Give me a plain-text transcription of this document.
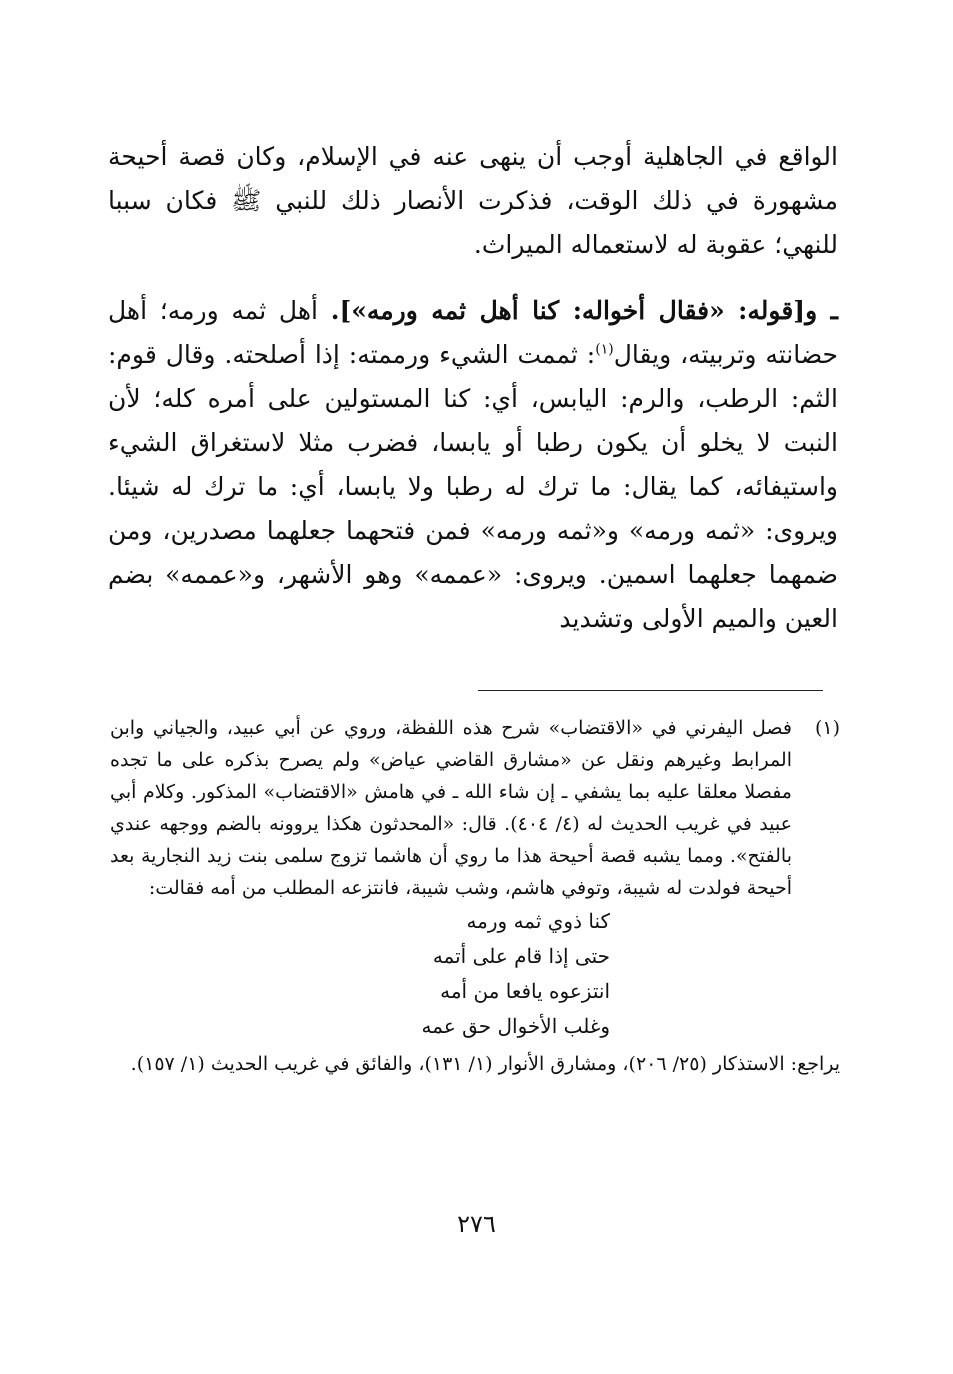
الواقع في الجاهلية أوجب أن ينهى عنه في الإسلام، وكان قصة أحيحة مشهورة في ذلك الوقت، فذكرت الأنصار ذلك للنبي ﷺ فكان سببا للنهي؛ عقوبة له لاستعماله الميراث.

ـ و[قوله: «فقال أخواله: كنا أهل ثمه ورمه»]. أهل ثمه ورمه؛ أهل حضانته وتربيته، ويقال$^{(١)}$: ثممت الشيء ورممته: إذا أصلحته. وقال قوم: الثم: الرطب، والرم: اليابس، أي: كنا المستولين على أمره كله؛ لأن النبت لا يخلو أن يكون رطبا أو يابسا، فضرب مثلا لاستغراق الشيء واستيفائه، كما يقال: ما ترك له رطبا ولا يابسا، أي: ما ترك له شيئا. ويروى: «ثمه ورمه» و«ثمه ورمه» فمن فتحهما جعلهما مصدرين، ومن ضمهما جعلهما اسمين. ويروى: «عممه» وهو الأشهر، و«عممه» بضم العين والميم الأولى وتشديد

(١)
فصل اليفرني في «الاقتضاب» شرح هذه اللفظة، وروي عن أبي عبيد، والجياني وابن المرابط وغيرهم ونقل عن «مشارق القاضي عياض» ولم يصرح بذكره على ما تجده مفصلا معلقا عليه بما يشفي ـ إن شاء الله ـ في هامش «الاقتضاب» المذكور. وكلام أبي عبيد في غريب الحديث له (٤/ ٤٠٤). قال: «المحدثون هكذا يروونه بالضم ووجهه عندي بالفتح». ومما يشبه قصة أحيحة هذا ما روي أن هاشما تزوج سلمى بنت زيد النجارية بعد أحيحة فولدت له شيبة، وتوفي هاشم، وشب شيبة، فانتزعه المطلب من أمه فقالت:
كنا ذوي ثمه ورمه
حتى إذا قام على أتمه
انتزعوه يافعا من أمه
وغلب الأخوال حق عمه
يراجع: الاستذكار (٢٥/ ٢٠٦)، ومشارق الأنوار (١/ ١٣١)، والفائق في غريب الحديث (١/ ١٥٧).
٢٧٦
